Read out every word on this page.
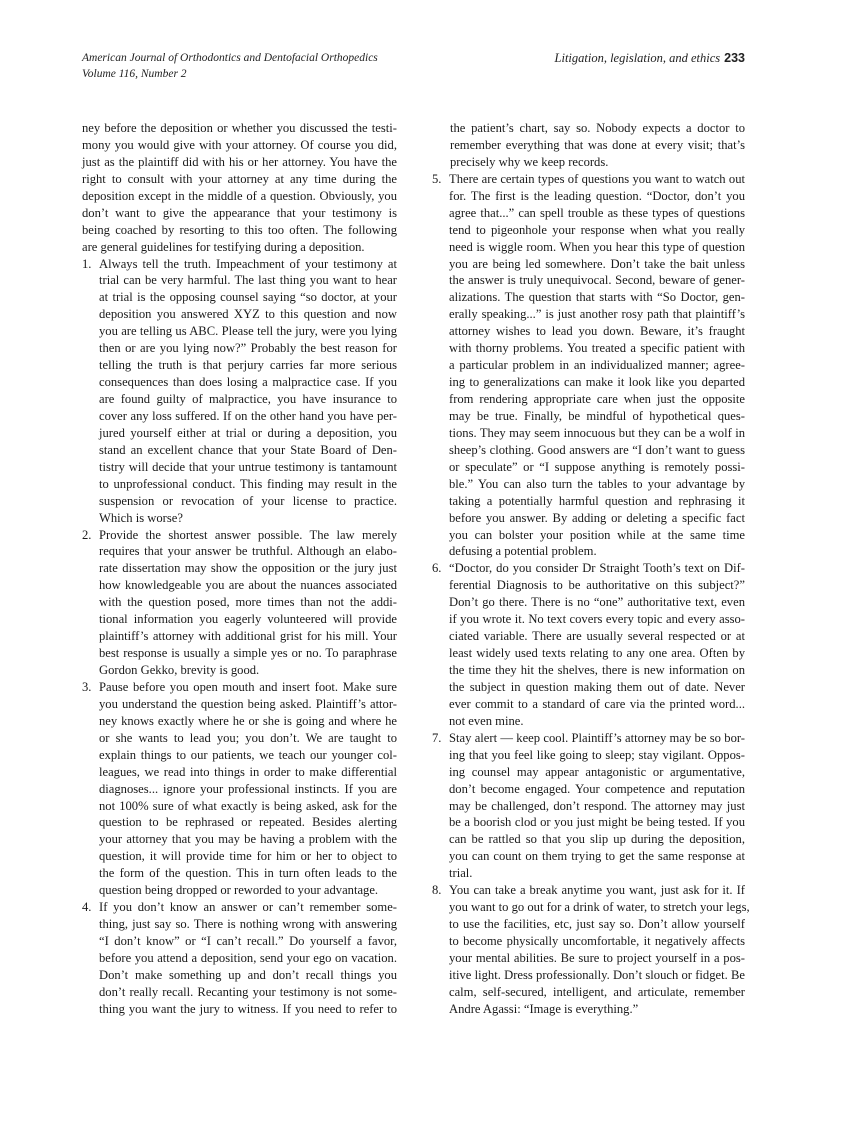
American Journal of Orthodontics and Dentofacial Orthopedics
Volume 116, Number 2
Litigation, legislation, and ethics 233
ney before the deposition or whether you discussed the testi-
mony you would give with your attorney. Of course you did,
just as the plaintiff did with his or her attorney. You have the
right to consult with your attorney at any time during the
deposition except in the middle of a question. Obviously, you
don’t want to give the appearance that your testimony is
being coached by resorting to this too often. The following
are general guidelines for testifying during a deposition.
1. Always tell the truth. Impeachment of your testimony at
trial can be very harmful. The last thing you want to hear
at trial is the opposing counsel saying “so doctor, at your
deposition you answered XYZ to this question and now
you are telling us ABC. Please tell the jury, were you lying
then or are you lying now?” Probably the best reason for
telling the truth is that perjury carries far more serious
consequences than does losing a malpractice case. If you
are found guilty of malpractice, you have insurance to
cover any loss suffered. If on the other hand you have per-
jured yourself either at trial or during a deposition, you
stand an excellent chance that your State Board of Den-
tistry will decide that your untrue testimony is tantamount
to unprofessional conduct. This finding may result in the
suspension or revocation of your license to practice.
Which is worse?
2. Provide the shortest answer possible. The law merely
requires that your answer be truthful. Although an elabo-
rate dissertation may show the opposition or the jury just
how knowledgeable you are about the nuances associated
with the question posed, more times than not the addi-
tional information you eagerly volunteered will provide
plaintiff’s attorney with additional grist for his mill. Your
best response is usually a simple yes or no. To paraphrase
Gordon Gekko, brevity is good.
3. Pause before you open mouth and insert foot. Make sure
you understand the question being asked. Plaintiff’s attor-
ney knows exactly where he or she is going and where he
or she wants to lead you; you don’t. We are taught to
explain things to our patients, we teach our younger col-
leagues, we read into things in order to make differential
diagnoses... ignore your professional instincts. If you are
not 100% sure of what exactly is being asked, ask for the
question to be rephrased or repeated. Besides alerting
your attorney that you may be having a problem with the
question, it will provide time for him or her to object to
the form of the question. This in turn often leads to the
question being dropped or reworded to your advantage.
4. If you don’t know an answer or can’t remember some-
thing, just say so. There is nothing wrong with answering
“I don’t know” or “I can’t recall.” Do yourself a favor,
before you attend a deposition, send your ego on vacation.
Don’t make something up and don’t recall things you
don’t really recall. Recanting your testimony is not some-
thing you want the jury to witness. If you need to refer to
the patient’s chart, say so. Nobody expects a doctor to
remember everything that was done at every visit; that’s
precisely why we keep records.
5. There are certain types of questions you want to watch out
for. The first is the leading question. “Doctor, don’t you
agree that...” can spell trouble as these types of questions
tend to pigeonhole your response when what you really
need is wiggle room. When you hear this type of question
you are being led somewhere. Don’t take the bait unless
the answer is truly unequivocal. Second, beware of gener-
alizations. The question that starts with “So Doctor, gen-
erally speaking...” is just another rosy path that plaintiff’s
attorney wishes to lead you down. Beware, it’s fraught
with thorny problems. You treated a specific patient with
a particular problem in an individualized manner; agree-
ing to generalizations can make it look like you departed
from rendering appropriate care when just the opposite
may be true. Finally, be mindful of hypothetical ques-
tions. They may seem innocuous but they can be a wolf in
sheep’s clothing. Good answers are “I don’t want to guess
or speculate” or “I suppose anything is remotely possi-
ble.” You can also turn the tables to your advantage by
taking a potentially harmful question and rephrasing it
before you answer. By adding or deleting a specific fact
you can bolster your position while at the same time
defusing a potential problem.
6. “Doctor, do you consider Dr Straight Tooth’s text on Dif-
ferential Diagnosis to be authoritative on this subject?”
Don’t go there. There is no “one” authoritative text, even
if you wrote it. No text covers every topic and every asso-
ciated variable. There are usually several respected or at
least widely used texts relating to any one area. Often by
the time they hit the shelves, there is new information on
the subject in question making them out of date. Never
ever commit to a standard of care via the printed word...
not even mine.
7. Stay alert — keep cool. Plaintiff’s attorney may be so bor-
ing that you feel like going to sleep; stay vigilant. Oppos-
ing counsel may appear antagonistic or argumentative,
don’t become engaged. Your competence and reputation
may be challenged, don’t respond. The attorney may just
be a boorish clod or you just might be being tested. If you
can be rattled so that you slip up during the deposition,
you can count on them trying to get the same response at
trial.
8. You can take a break anytime you want, just ask for it. If
you want to go out for a drink of water, to stretch your legs,
to use the facilities, etc, just say so. Don’t allow yourself
to become physically uncomfortable, it negatively affects
your mental abilities. Be sure to project yourself in a pos-
itive light. Dress professionally. Don’t slouch or fidget. Be
calm, self-secured, intelligent, and articulate, remember
Andre Agassi: “Image is everything.”
